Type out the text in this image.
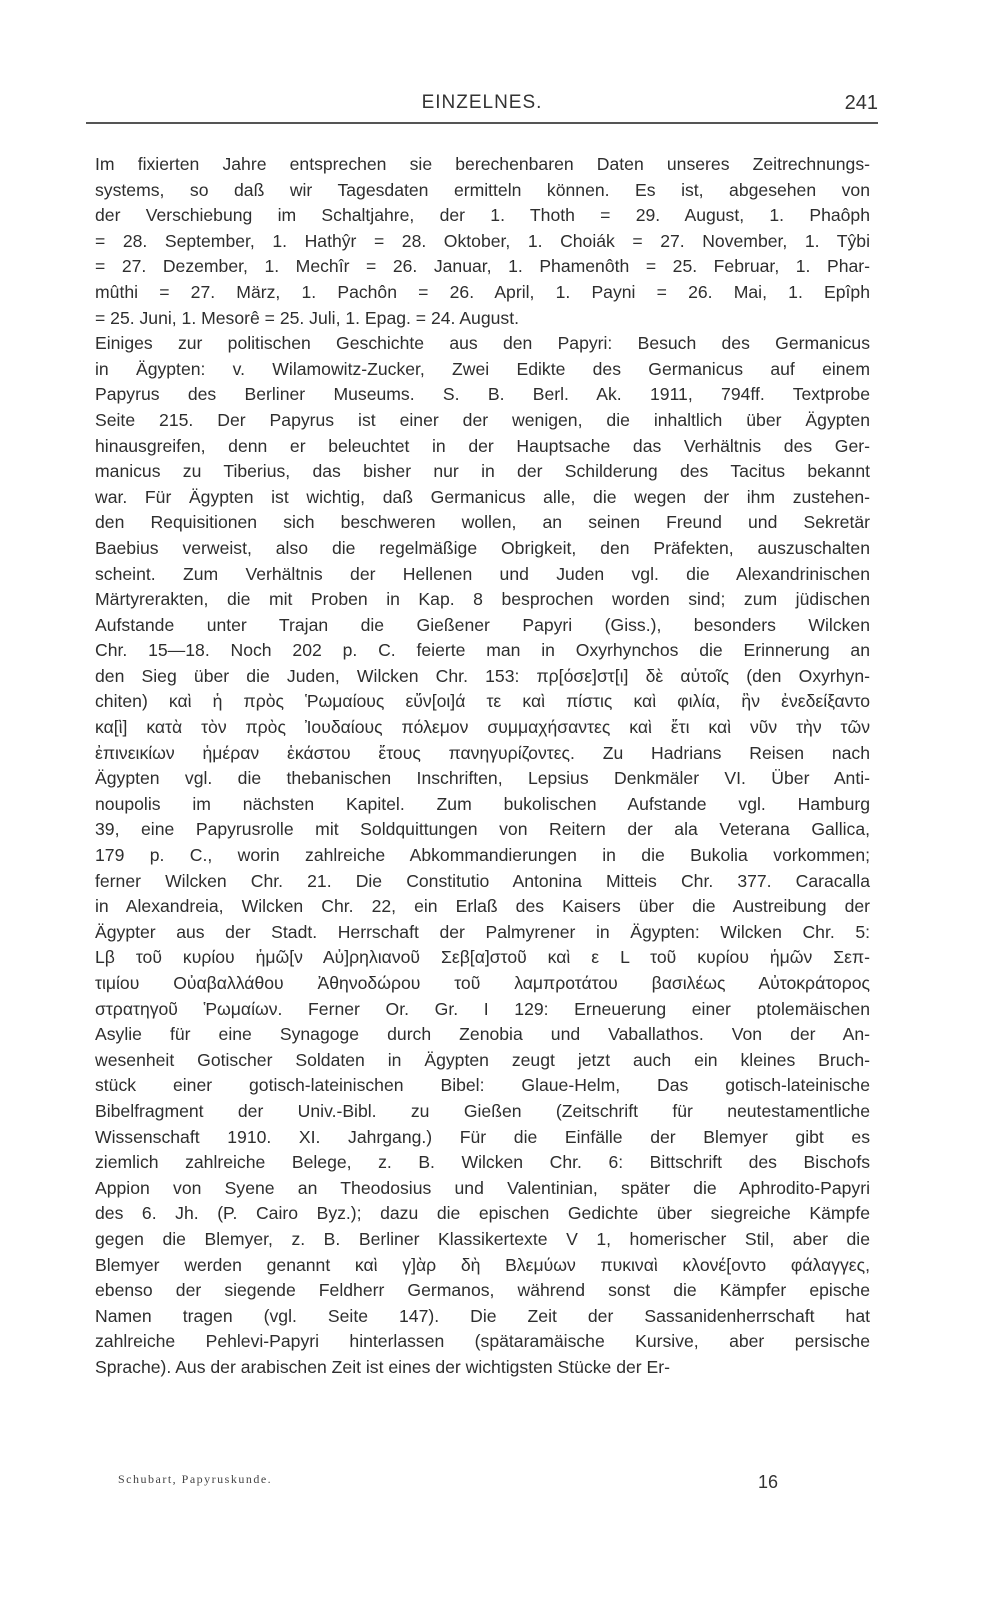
EINZELNES.	241
Im fixierten Jahre entsprechen sie berechenbaren Daten unseres Zeitrechnungs-
systems, so daß wir Tagesdaten ermitteln können. Es ist, abgesehen von
der Verschiebung im Schaltjahre, der 1. Thoth = 29. August, 1. Phaôph
= 28. September, 1. Hathŷr = 28. Oktober, 1. Choiák = 27. November, 1. Tŷbi
= 27. Dezember, 1. Mechîr = 26. Januar, 1. Phamenôth = 25. Februar, 1. Phar-
mûthi = 27. März, 1. Pachôn = 26. April, 1. Payni = 26. Mai, 1. Epîph
= 25. Juni, 1. Mesorê = 25. Juli, 1. Epag. = 24. August.
Einiges zur politischen Geschichte aus den Papyri: Besuch des Germanicus
in Ägypten: v. Wilamowitz-Zucker, Zwei Edikte des Germanicus auf einem
Papyrus des Berliner Museums. S. B. Berl. Ak. 1911, 794ff. Textprobe
Seite 215. Der Papyrus ist einer der wenigen, die inhaltlich über Ägypten
hinausgreifen, denn er beleuchtet in der Hauptsache das Verhältnis des Ger-
manicus zu Tiberius, das bisher nur in der Schilderung des Tacitus bekannt
war. Für Ägypten ist wichtig, daß Germanicus alle, die wegen der ihm zustehen-
den Requisitionen sich beschweren wollen, an seinen Freund und Sekretär
Baebius verweist, also die regelmäßige Obrigkeit, den Präfekten, auszuschalten
scheint. Zum Verhältnis der Hellenen und Juden vgl. die Alexandrinischen
Märtyrerakten, die mit Proben in Kap. 8 besprochen worden sind; zum jüdischen
Aufstande unter Trajan die Gießener Papyri (Giss.), besonders Wilcken
Chr. 15—18. Noch 202 p. C. feierte man in Oxyrhynchos die Erinnerung an
den Sieg über die Juden, Wilcken Chr. 153: πρ[όσε]στ[ι] δὲ αὐτοῖς (den Oxyrhyn-
chiten) καὶ ἡ πρὸς Ῥωμαίους εὔν[οι]ά τε καὶ πίστις καὶ φιλία, ἣν ἐνεδείξαντο
κα[ὶ] κατὰ τὸν πρὸς Ἰουδαίους πόλεμον συμμαχήσαντες καὶ ἔτι καὶ νῦν τὴν τῶν
ἐπινεικίων ἡμέραν ἑκάστου ἔτους πανηγυρίζοντες. Zu Hadrians Reisen nach
Ägypten vgl. die thebanischen Inschriften, Lepsius Denkmäler VI. Über Anti-
noupolis im nächsten Kapitel. Zum bukolischen Aufstande vgl. Hamburg
39, eine Papyrusrolle mit Soldquittungen von Reitern der ala Veterana Gallica,
179 p. C., worin zahlreiche Abkommandierungen in die Bukolia vorkommen;
ferner Wilcken Chr. 21. Die Constitutio Antonina Mitteis Chr. 377. Caracalla
in Alexandreia, Wilcken Chr. 22, ein Erlaß des Kaisers über die Austreibung der
Ägypter aus der Stadt. Herrschaft der Palmyrener in Ägypten: Wilcken Chr. 5:
Lβ τοῦ κυρίου ἡμῶ[ν Αὐ]ρηλιανοῦ Σεβ[α]στοῦ καὶ ε L τοῦ κυρίου ἡμῶν Σεπ-
τιμίου Οὐαβαλλάθου Ἀθηνοδώρου τοῦ λαμπροτάτου βασιλέως Αὐτοκράτορος
στρατηγοῦ Ῥωμαίων. Ferner Or. Gr. I 129: Erneuerung einer ptolemäischen
Asylie für eine Synagoge durch Zenobia und Vaballathos. Von der An-
wesenheit Gotischer Soldaten in Ägypten zeugt jetzt auch ein kleines Bruch-
stück einer gotisch-lateinischen Bibel: Glaue-Helm, Das gotisch-lateinische
Bibelfragment der Univ.-Bibl. zu Gießen (Zeitschrift für neutestamentliche
Wissenschaft 1910. XI. Jahrgang.) Für die Einfälle der Blemyer gibt es
ziemlich zahlreiche Belege, z. B. Wilcken Chr. 6: Bittschrift des Bischofs
Appion von Syene an Theodosius und Valentinian, später die Aphrodito-Papyri
des 6. Jh. (P. Cairo Byz.); dazu die epischen Gedichte über siegreiche Kämpfe
gegen die Blemyer, z. B. Berliner Klassikertexte V 1, homerischer Stil, aber die
Blemyer werden genannt καὶ γ]ὰρ δὴ Βλεμύων πυκιναὶ κλονέ[οντο φάλαγγες,
ebenso der siegende Feldherr Germanos, während sonst die Kämpfer epische
Namen tragen (vgl. Seite 147). Die Zeit der Sassanidenherrschaft hat
zahlreiche Pehlevi-Papyri hinterlassen (spätaramäische Kursive, aber persische
Sprache). Aus der arabischen Zeit ist eines der wichtigsten Stücke der Er-
Schubart, Papyruskunde.	16
